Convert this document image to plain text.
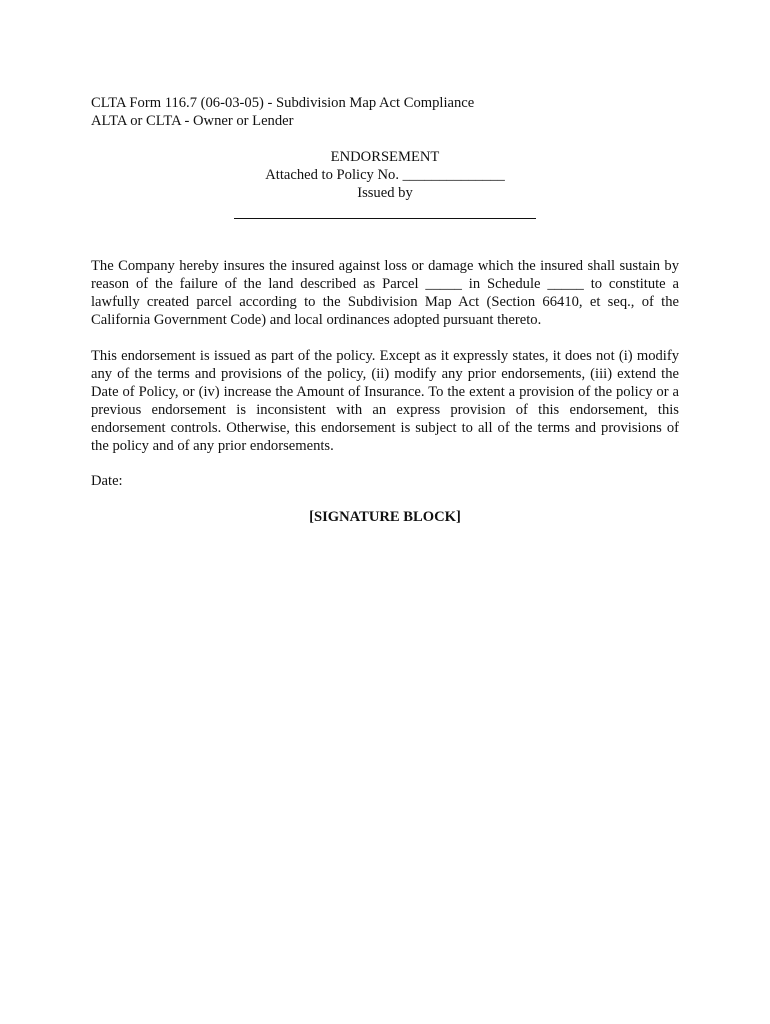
CLTA Form 116.7 (06-03-05) - Subdivision Map Act Compliance
ALTA or CLTA - Owner or Lender
ENDORSEMENT
Attached to Policy No. ______________
Issued by

The Company hereby insures the insured against loss or damage which the insured shall sustain by reason of the failure of the land described as Parcel _____ in Schedule _____ to constitute a lawfully created parcel according to the Subdivision Map Act (Section 66410, et seq., of the California Government Code) and local ordinances adopted pursuant thereto.

This endorsement is issued as part of the policy. Except as it expressly states, it does not (i) modify any of the terms and provisions of the policy, (ii) modify any prior endorsements, (iii) extend the Date of Policy, or (iv) increase the Amount of Insurance. To the extent a provision of the policy or a previous endorsement is inconsistent with an express provision of this endorsement, this endorsement controls. Otherwise, this endorsement is subject to all of the terms and provisions of the policy and of any prior endorsements.

Date:
[SIGNATURE BLOCK]
